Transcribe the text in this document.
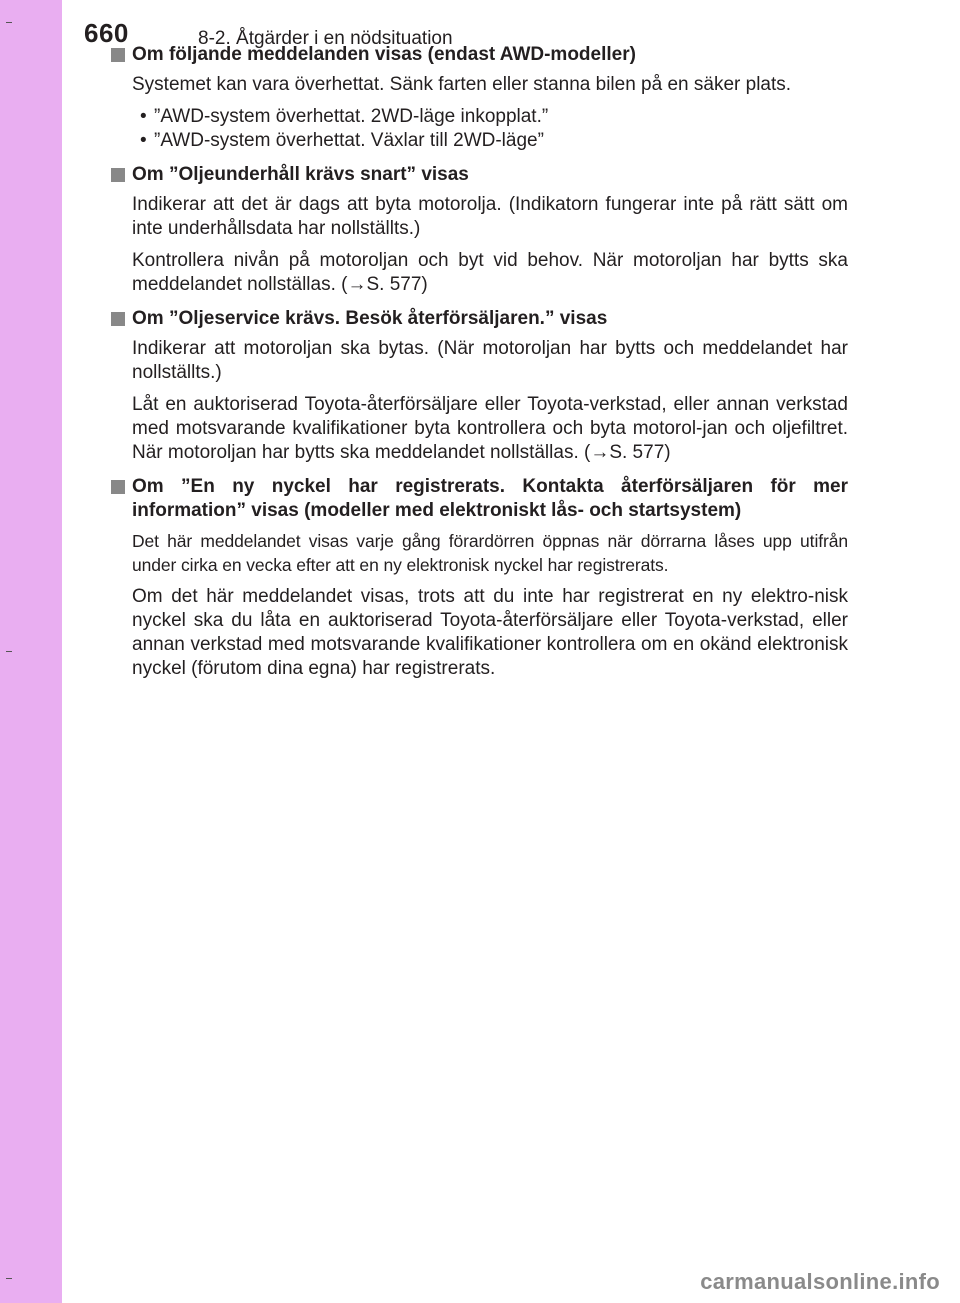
660	8-2. Åtgärder i en nödsituation
Om följande meddelanden visas (endast AWD-modeller)
Systemet kan vara överhettat. Sänk farten eller stanna bilen på en säker plats.
• ”AWD-system överhettat. 2WD-läge inkopplat.”
• ”AWD-system överhettat. Växlar till 2WD-läge”
Om ”Oljeunderhåll krävs snart” visas
Indikerar att det är dags att byta motorolja. (Indikatorn fungerar inte på rätt sätt om inte underhållsdata har nollställts.)
Kontrollera nivån på motoroljan och byt vid behov. När motoroljan har bytts ska meddelandet nollställas. (→S. 577)
Om ”Oljeservice krävs. Besök återförsäljaren.” visas
Indikerar att motoroljan ska bytas. (När motoroljan har bytts och meddelandet har nollställts.)
Låt en auktoriserad Toyota-återförsäljare eller Toyota-verkstad, eller annan verkstad med motsvarande kvalifikationer byta kontrollera och byta motorol-jan och oljefiltret. När motoroljan har bytts ska meddelandet nollställas. (→S. 577)
Om ”En ny nyckel har registrerats. Kontakta återförsäljaren för mer information” visas (modeller med elektroniskt lås- och startsystem)
Det här meddelandet visas varje gång förardörren öppnas när dörrarna låses upp utifrån under cirka en vecka efter att en ny elektronisk nyckel har registrerats.
Om det här meddelandet visas, trots att du inte har registrerat en ny elektro-nisk nyckel ska du låta en auktoriserad Toyota-återförsäljare eller Toyota-verkstad, eller annan verkstad med motsvarande kvalifikationer kontrollera om en okänd elektronisk nyckel (förutom dina egna) har registrerats.
carmanualsonline.info
